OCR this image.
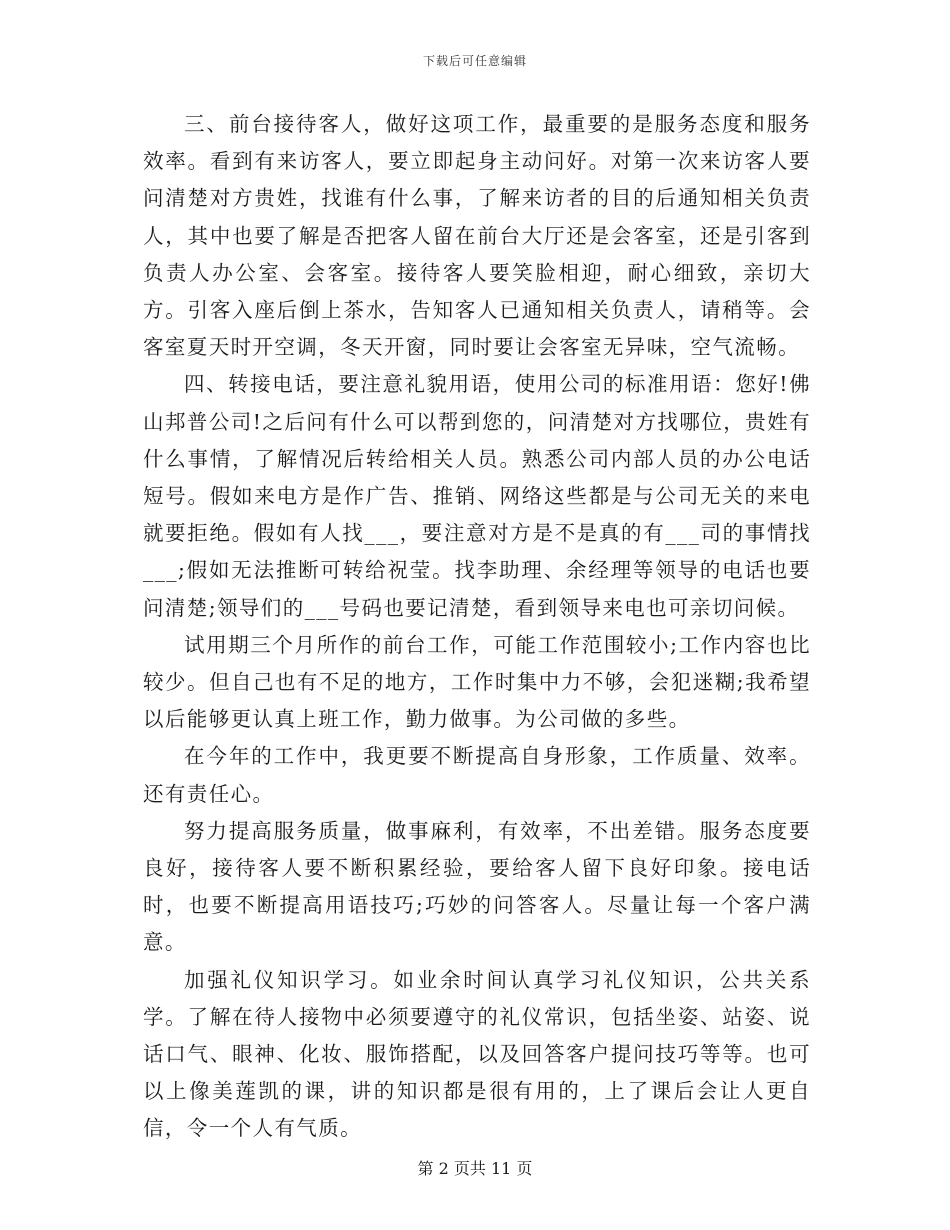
下载后可任意编辑

三、前台接待客人，做好这项工作，最重要的是服务态度和服务效率。看到有来访客人，要立即起身主动问好。对第一次来访客人要问清楚对方贵姓，找谁有什么事，了解来访者的目的后通知相关负责人，其中也要了解是否把客人留在前台大厅还是会客室，还是引客到负责人办公室、会客室。接待客人要笑脸相迎，耐心细致，亲切大方。引客入座后倒上茶水，告知客人已通知相关负责人，请稍等。会客室夏天时开空调，冬天开窗，同时要让会客室无异味，空气流畅。

四、转接电话，要注意礼貌用语，使用公司的标准用语：您好!佛山邦普公司!之后问有什么可以帮到您的，问清楚对方找哪位，贵姓有什么事情，了解情况后转给相关人员。熟悉公司内部人员的办公电话短号。假如来电方是作广告、推销、网络这些都是与公司无关的来电就要拒绝。假如有人找___，要注意对方是不是真的有___司的事情找___;假如无法推断可转给祝莹。找李助理、余经理等领导的电话也要问清楚;领导们的___号码也要记清楚，看到领导来电也可亲切问候。

试用期三个月所作的前台工作，可能工作范围较小;工作内容也比较少。但自己也有不足的地方，工作时集中力不够，会犯迷糊;我希望以后能够更认真上班工作，勤力做事。为公司做的多些。

在今年的工作中，我更要不断提高自身形象，工作质量、效率。还有责任心。

努力提高服务质量，做事麻利，有效率，不出差错。服务态度要良好，接待客人要不断积累经验，要给客人留下良好印象。接电话时，也要不断提高用语技巧;巧妙的问答客人。尽量让每一个客户满意。

加强礼仪知识学习。如业余时间认真学习礼仪知识，公共关系学。了解在待人接物中必须要遵守的礼仪常识，包括坐姿、站姿、说话口气、眼神、化妆、服饰搭配，以及回答客户提问技巧等等。也可以上像美莲凯的课，讲的知识都是很有用的，上了课后会让人更自信，令一个人有气质。

第 2 页共 11 页
